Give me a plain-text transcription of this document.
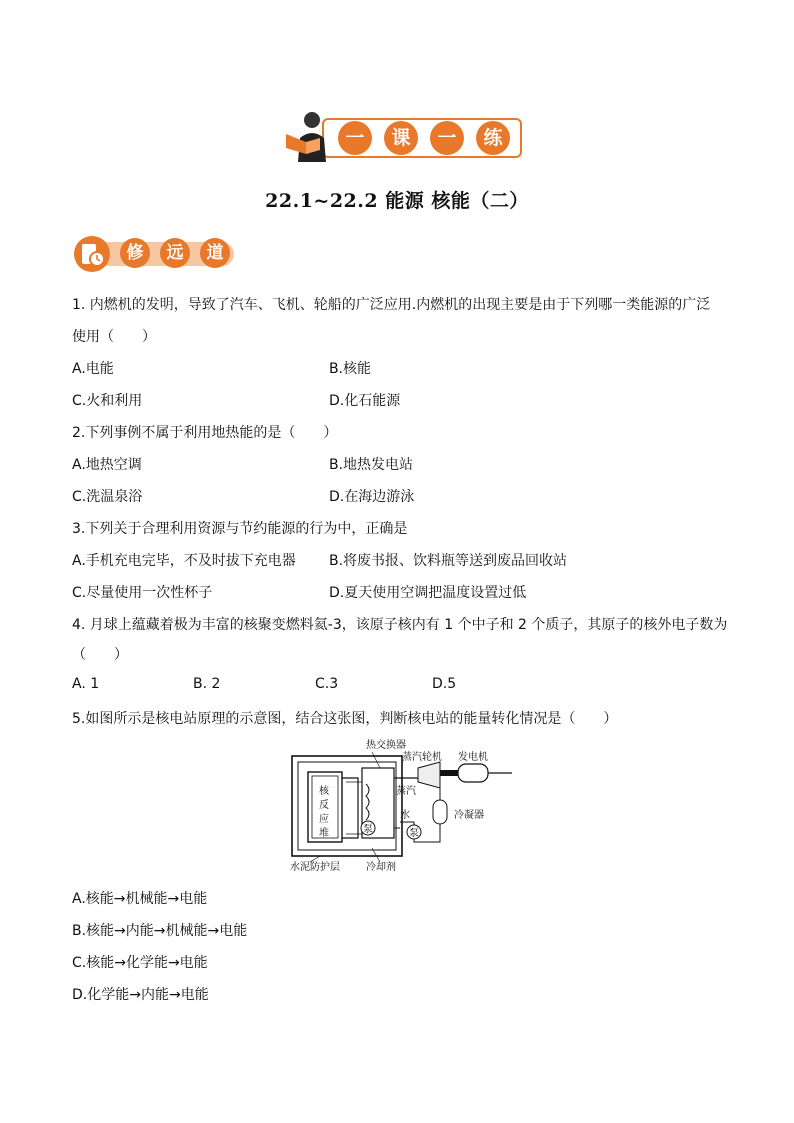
一	课	一	练
22.1~22.2 能源 核能（二）
修	远	道
1. 内燃机的发明，导致了汽车、飞机、轮船的广泛应用.内燃机的出现主要是由于下列哪一类能源的广泛
使用（　　）
A.电能	B.核能
C.火和利用	D.化石能源
2.下列事例不属于利用地热能的是（　　）
A.地热空调	B.地热发电站
C.洗温泉浴	D.在海边游泳
3.下列关于合理利用资源与节约能源的行为中，正确是
A.手机充电完毕，不及时拔下充电器 B.将废书报、饮料瓶等送到废品回收站
C.尽量使用一次性杯子	D.夏天使用空调把温度设置过低
4. 月球上蕴藏着极为丰富的核聚变燃料氦-3，该原子核内有 1 个中子和 2 个质子，其原子的核外电子数为
（　　）
A. 1	B. 2	C.3	D.5
5.如图所示是核电站原理的示意图，结合这张图，判断核电站的能量转化情况是（　　）
热交换器
蒸汽轮机 发电机
蒸汽
核
反
应
堆
水
泵	泵
冷凝器
水泥防护层	冷却剂
A.核能→机械能→电能
B.核能→内能→机械能→电能
C.核能→化学能→电能
D.化学能→内能→电能
